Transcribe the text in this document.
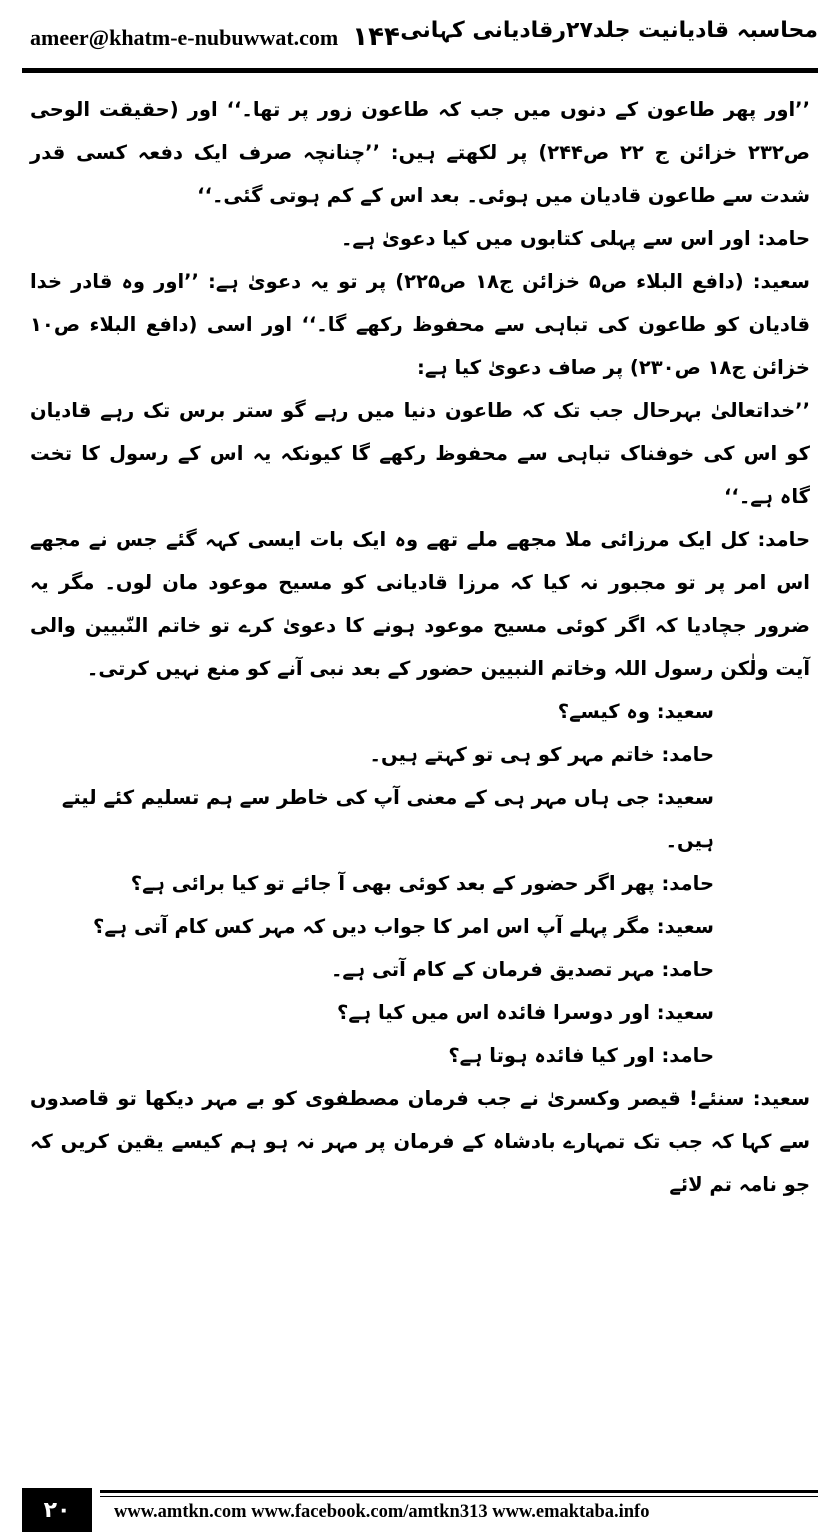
ameer@khatm-e-nubuwwat.com ۱۴۴ محاسبہ قادیانیت جلد۲۷رقادیانی کہانی

’’اور پھر طاعون کے دنوں میں جب کہ طاعون زور پر تھا۔‘‘ اور (حقیقت الوحی ص۲۳۲ خزائن ج ۲۲ ص۲۴۴) پر لکھتے ہیں: ’’چنانچہ صرف ایک دفعہ کسی قدر شدت سے طاعون قادیان میں ہوئی۔ بعد اس کے کم ہوتی گئی۔‘‘

حامد: اور اس سے پہلی کتابوں میں کیا دعویٰ ہے۔

سعید: (دافع البلاء ص۵ خزائن ج۱۸ ص۲۲۵) پر تو یہ دعویٰ ہے: ’’اور وہ قادر خدا قادیان کو طاعون کی تباہی سے محفوظ رکھے گا۔‘‘ اور اسی (دافع البلاء ص۱۰ خزائن ج۱۸ ص۲۳۰) پر صاف دعویٰ کیا ہے:

’’خداتعالیٰ بہرحال جب تک کہ طاعون دنیا میں رہے گو ستر برس تک رہے قادیان کو اس کی خوفناک تباہی سے محفوظ رکھے گا کیونکہ یہ اس کے رسول کا تخت گاہ ہے۔‘‘

حامد: کل ایک مرزائی ملا مجھے ملے تھے وہ ایک بات ایسی کہہ گئے جس نے مجھے اس امر پر تو مجبور نہ کیا کہ مرزا قادیانی کو مسیح موعود مان لوں۔ مگر یہ ضرور جچادیا کہ اگر کوئی مسیح موعود ہونے کا دعویٰ کرے تو خاتم النّبیین والی آیت ولٰکن رسول اللہ وخاتم النبیین حضور کے بعد نبی آنے کو منع نہیں کرتی۔

سعید: وہ کیسے؟

حامد: خاتم مہر کو ہی تو کہتے ہیں۔

سعید: جی ہاں مہر ہی کے معنی آپ کی خاطر سے ہم تسلیم کئے لیتے ہیں۔

حامد: پھر اگر حضور کے بعد کوئی بھی آ جائے تو کیا برائی ہے؟

سعید: مگر پہلے آپ اس امر کا جواب دیں کہ مہر کس کام آتی ہے؟

حامد: مہر تصدیق فرمان کے کام آتی ہے۔

سعید: اور دوسرا فائدہ اس میں کیا ہے؟

حامد: اور کیا فائدہ ہوتا ہے؟

سعید: سنئے! قیصر وکسریٰ نے جب فرمان مصطفوی کو بے مہر دیکھا تو قاصدوں سے کہا کہ جب تک تمہارے بادشاہ کے فرمان پر مہر نہ ہو ہم کیسے یقین کریں کہ جو نامہ تم لائے

۲۰	www.amtkn.com www.facebook.com/amtkn313 www.emaktaba.info
